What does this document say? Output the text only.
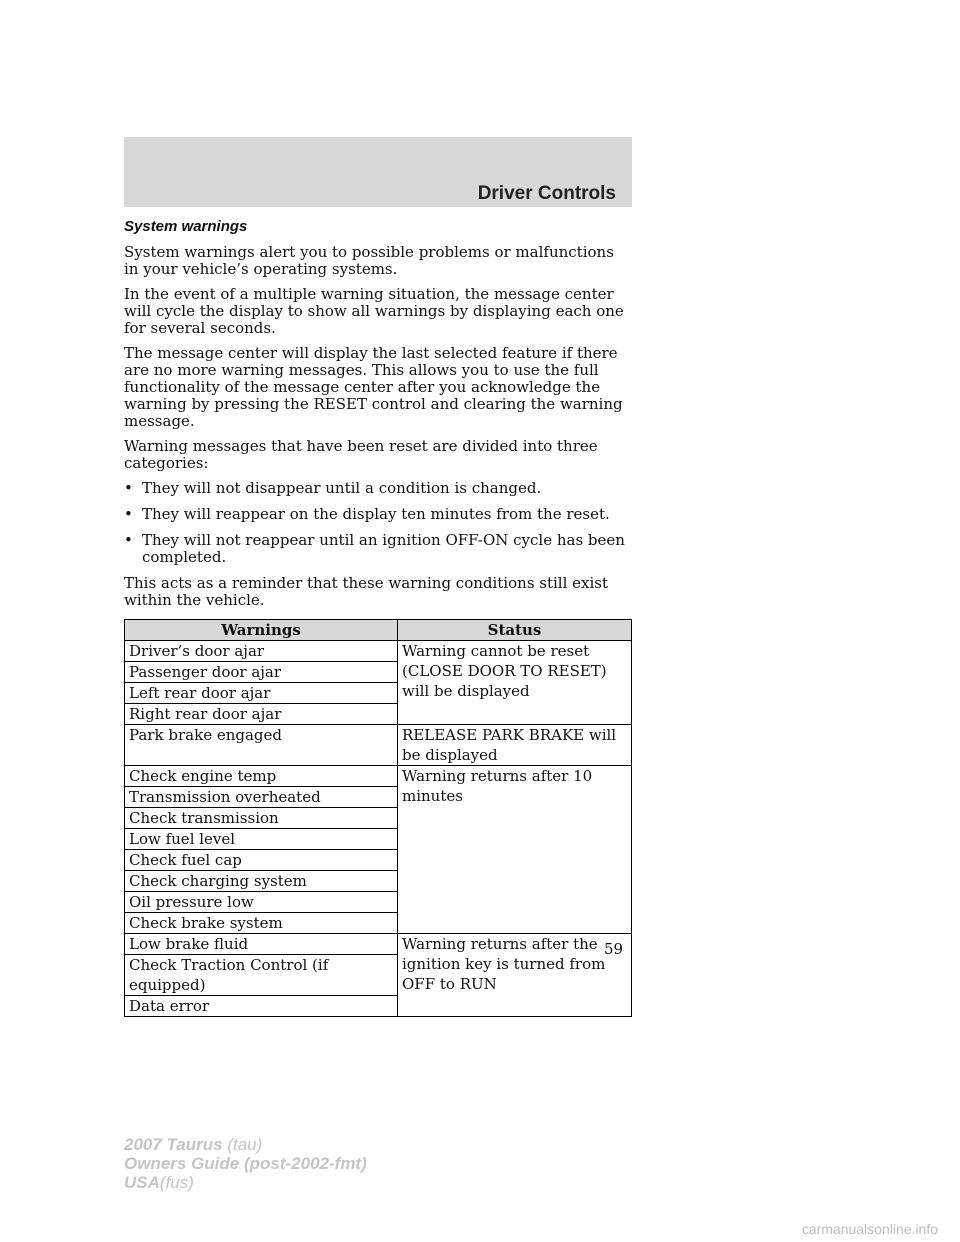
Driver Controls
System warnings

System warnings alert you to possible problems or malfunctions in your vehicle’s operating systems.

In the event of a multiple warning situation, the message center will cycle the display to show all warnings by displaying each one for several seconds.

The message center will display the last selected feature if there are no more warning messages. This allows you to use the full functionality of the message center after you acknowledge the warning by pressing the RESET control and clearing the warning message.

Warning messages that have been reset are divided into three categories:

• They will not disappear until a condition is changed.
• They will reappear on the display ten minutes from the reset.
• They will not reappear until an ignition OFF-ON cycle has been completed.

This acts as a reminder that these warning conditions still exist within the vehicle.

Warnings	Status
Driver’s door ajar	Warning cannot be reset (CLOSE DOOR TO RESET) will be displayed
Passenger door ajar	
Left rear door ajar	
Right rear door ajar	
Park brake engaged	RELEASE PARK BRAKE will be displayed
Check engine temp	Warning returns after 10 minutes
Transmission overheated	
Check transmission	
Low fuel level	
Check fuel cap	
Check charging system	
Oil pressure low	
Check brake system	
Low brake fluid	Warning returns after the ignition key is turned from OFF to RUN
Check Traction Control (if equipped)	
Data error	
59
2007 Taurus (tau)
Owners Guide (post-2002-fmt)
USA(fus)
carmanualsonline.info
